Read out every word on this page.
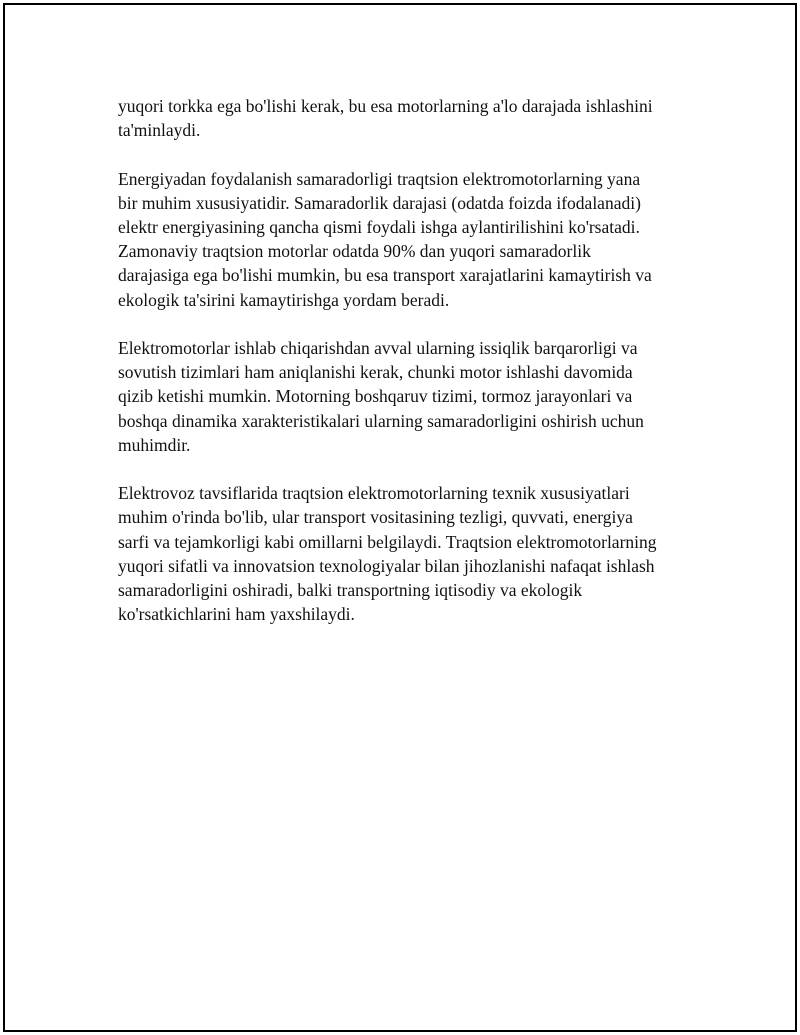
yuqori torkka ega bo'lishi kerak, bu esa motorlarning a'lo darajada ishlashini
ta'minlaydi.

Energiyadan foydalanish samaradorligi traqtsion elektromotorlarning yana
bir muhim xususiyatidir. Samaradorlik darajasi (odatda foizda ifodalanadi)
elektr energiyasining qancha qismi foydali ishga aylantirilishini ko'rsatadi.
Zamonaviy traqtsion motorlar odatda 90% dan yuqori samaradorlik
darajasiga ega bo'lishi mumkin, bu esa transport xarajatlarini kamaytirish va
ekologik ta'sirini kamaytirishga yordam beradi.

Elektromotorlar ishlab chiqarishdan avval ularning issiqlik barqarorligi va
sovutish tizimlari ham aniqlanishi kerak, chunki motor ishlashi davomida
qizib ketishi mumkin. Motorning boshqaruv tizimi, tormoz jarayonlari va
boshqa dinamika xarakteristikalari ularning samaradorligini oshirish uchun
muhimdir.

Elektrovoz tavsiflarida traqtsion elektromotorlarning texnik xususiyatlari
muhim o'rinda bo'lib, ular transport vositasining tezligi, quvvati, energiya
sarfi va tejamkorligi kabi omillarni belgilaydi. Traqtsion elektromotorlarning
yuqori sifatli va innovatsion texnologiyalar bilan jihozlanishi nafaqat ishlash
samaradorligini oshiradi, balki transportning iqtisodiy va ekologik
ko'rsatkichlarini ham yaxshilaydi.
